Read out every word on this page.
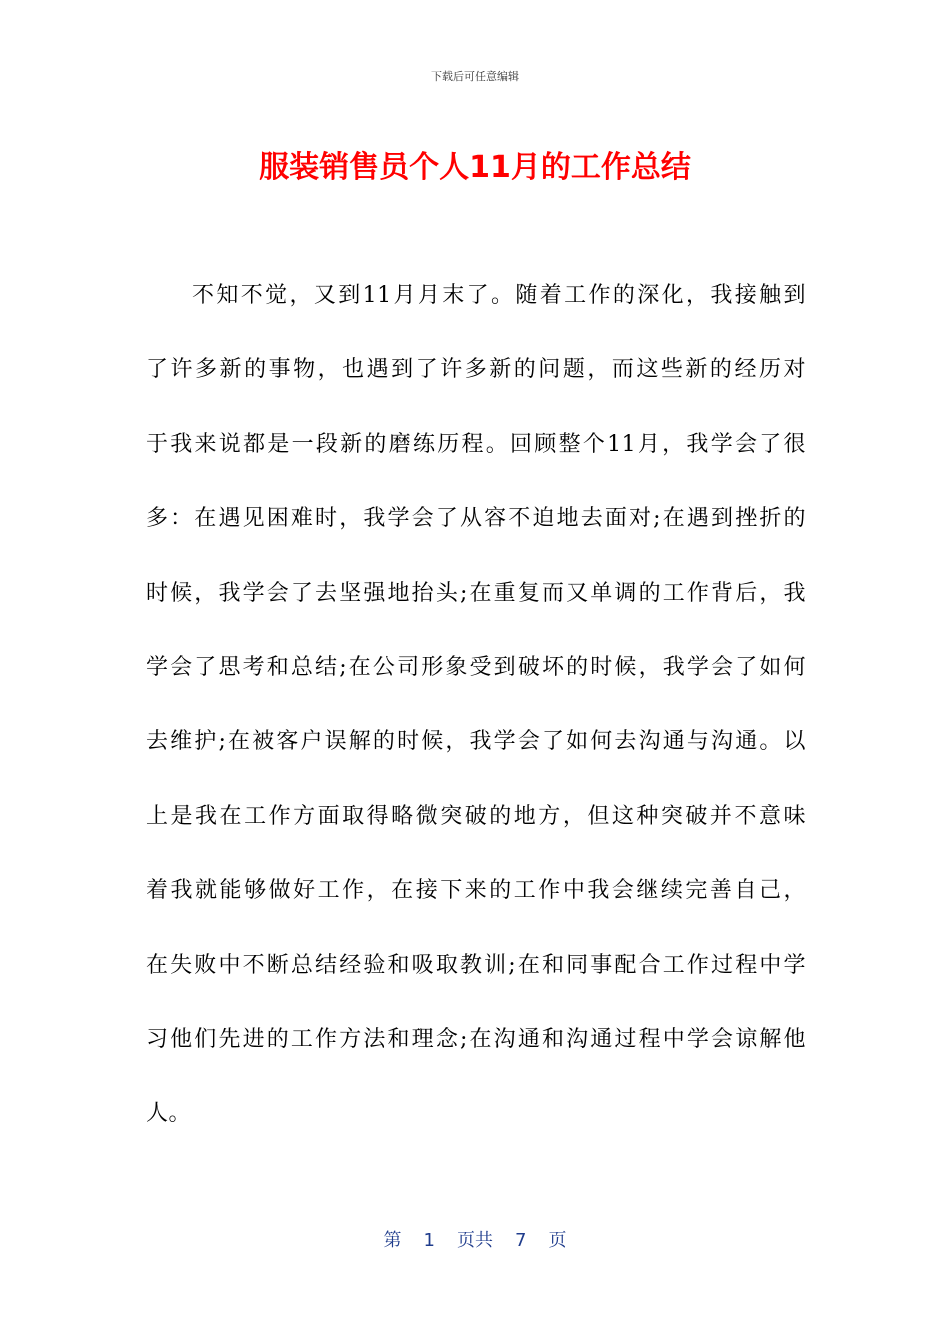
下载后可任意编辑
服装销售员个人11月的工作总结
不知不觉，又到11月月末了。随着工作的深化，我接触到
了许多新的事物，也遇到了许多新的问题，而这些新的经历对
于我来说都是一段新的磨练历程。回顾整个11月，我学会了很
多：在遇见困难时，我学会了从容不迫地去面对;在遇到挫折的
时候，我学会了去坚强地抬头;在重复而又单调的工作背后，我
学会了思考和总结;在公司形象受到破坏的时候，我学会了如何
去维护;在被客户误解的时候，我学会了如何去沟通与沟通。以
上是我在工作方面取得略微突破的地方，但这种突破并不意味
着我就能够做好工作，在接下来的工作中我会继续完善自己，
在失败中不断总结经验和吸取教训;在和同事配合工作过程中学
习他们先进的工作方法和理念;在沟通和沟通过程中学会谅解他
人。
第 1 页共 7 页
